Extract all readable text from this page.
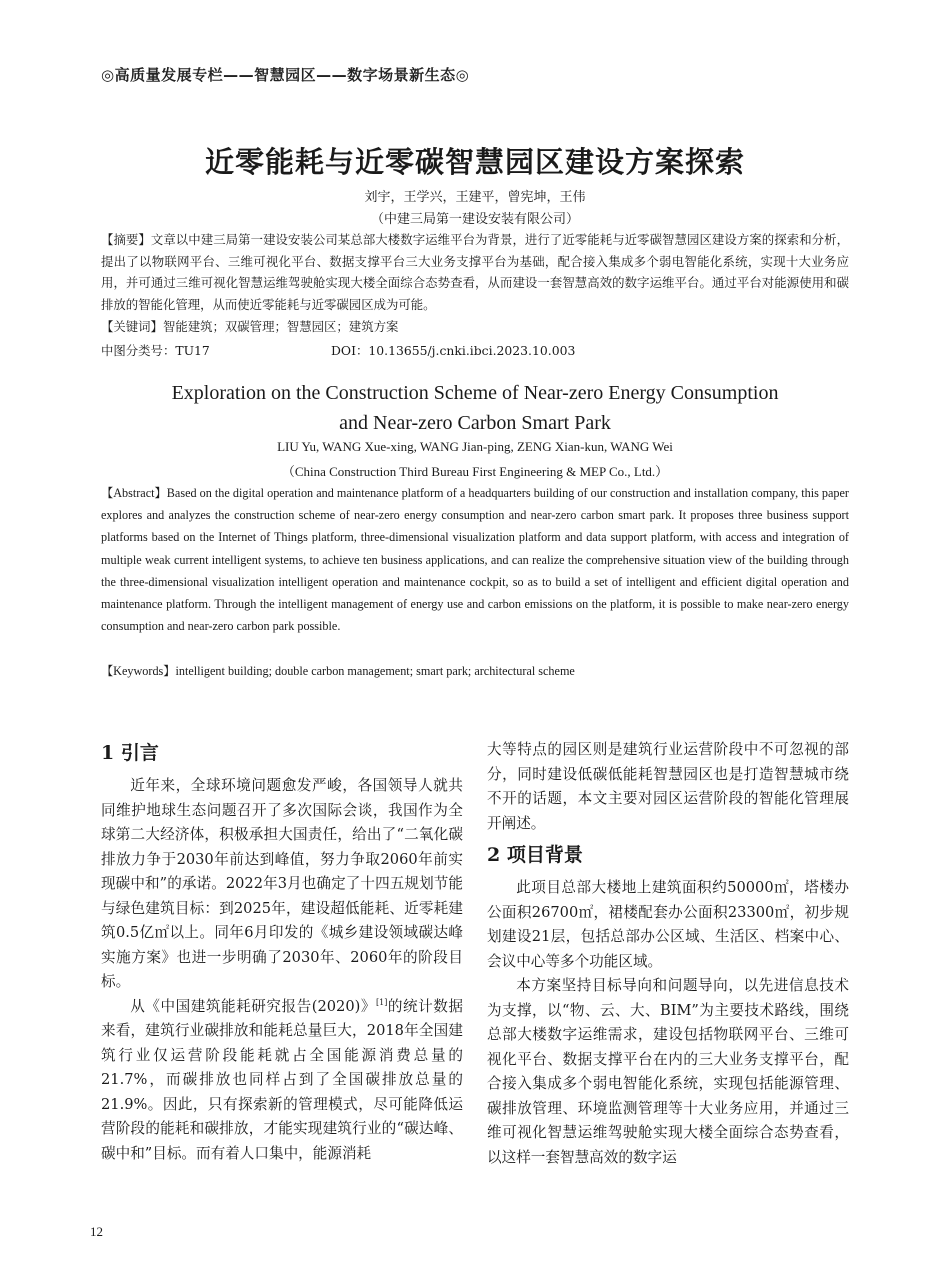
◎高质量发展专栏——智慧园区——数字场景新生态◎
近零能耗与近零碳智慧园区建设方案探索
刘宇，王学兴，王建平，曾宪坤，王伟
（中建三局第一建设安装有限公司）
【摘要】文章以中建三局第一建设安装公司某总部大楼数字运维平台为背景，进行了近零能耗与近零碳智慧园区建设方案的探索和分析，提出了以物联网平台、三维可视化平台、数据支撑平台三大业务支撑平台为基础，配合接入集成多个弱电智能化系统，实现十大业务应用，并可通过三维可视化智慧运维驾驶舱实现大楼全面综合态势查看，从而建设一套智慧高效的数字运维平台。通过平台对能源使用和碳排放的智能化管理，从而使近零能耗与近零碳园区成为可能。
【关键词】智能建筑；双碳管理；智慧园区；建筑方案
中图分类号：TU17	DOI：10.13655/j.cnki.ibci.2023.10.003
Exploration on the Construction Scheme of Near-zero Energy Consumption
and Near-zero Carbon Smart Park
LIU Yu, WANG Xue-xing, WANG Jian-ping, ZENG Xian-kun, WANG Wei
（China Construction Third Bureau First Engineering & MEP Co., Ltd.）
【Abstract】Based on the digital operation and maintenance platform of a headquarters building of our construction and installation company, this paper explores and analyzes the construction scheme of near-zero energy consumption and near-zero carbon smart park. It proposes three business support platforms based on the Internet of Things platform, three-dimensional visualization platform and data support platform, with access and integration of multiple weak current intelligent systems, to achieve ten business applications, and can realize the comprehensive situation view of the building through the three-dimensional visualization intelligent operation and maintenance cockpit, so as to build a set of intelligent and efficient digital operation and maintenance platform. Through the intelligent management of energy use and carbon emissions on the platform, it is possible to make near-zero energy consumption and near-zero carbon park possible.
【Keywords】intelligent building; double carbon management; smart park; architectural scheme
1 引言

近年来，全球环境问题愈发严峻，各国领导人就共同维护地球生态问题召开了多次国际会谈，我国作为全球第二大经济体，积极承担大国责任，给出了“二氧化碳排放力争于2030年前达到峰值，努力争取2060年前实现碳中和”的承诺。2022年3月也确定了十四五规划节能与绿色建筑目标：到2025年，建设超低能耗、近零耗建筑0.5亿㎡以上。同年6月印发的《城乡建设领域碳达峰实施方案》也进一步明确了2030年、2060年的阶段目标。

从《中国建筑能耗研究报告(2020)》[1]的统计数据来看，建筑行业碳排放和能耗总量巨大，2018年全国建筑行业仅运营阶段能耗就占全国能源消费总量的21.7%，而碳排放也同样占到了全国碳排放总量的21.9%。因此，只有探索新的管理模式，尽可能降低运营阶段的能耗和碳排放，才能实现建筑行业的“碳达峰、碳中和”目标。而有着人口集中，能源消耗

大等特点的园区则是建筑行业运营阶段中不可忽视的部分，同时建设低碳低能耗智慧园区也是打造智慧城市绕不开的话题，本文主要对园区运营阶段的智能化管理展开阐述。

2 项目背景

此项目总部大楼地上建筑面积约50000㎡，塔楼办公面积26700㎡，裙楼配套办公面积23300㎡，初步规划建设21层，包括总部办公区域、生活区、档案中心、会议中心等多个功能区域。

本方案坚持目标导向和问题导向，以先进信息技术为支撑，以“物、云、大、BIM”为主要技术路线，围绕总部大楼数字运维需求，建设包括物联网平台、三维可视化平台、数据支撑平台在内的三大业务支撑平台，配合接入集成多个弱电智能化系统，实现包括能源管理、碳排放管理、环境监测管理等十大业务应用，并通过三维可视化智慧运维驾驶舱实现大楼全面综合态势查看，以这样一套智慧高效的数字运

12
